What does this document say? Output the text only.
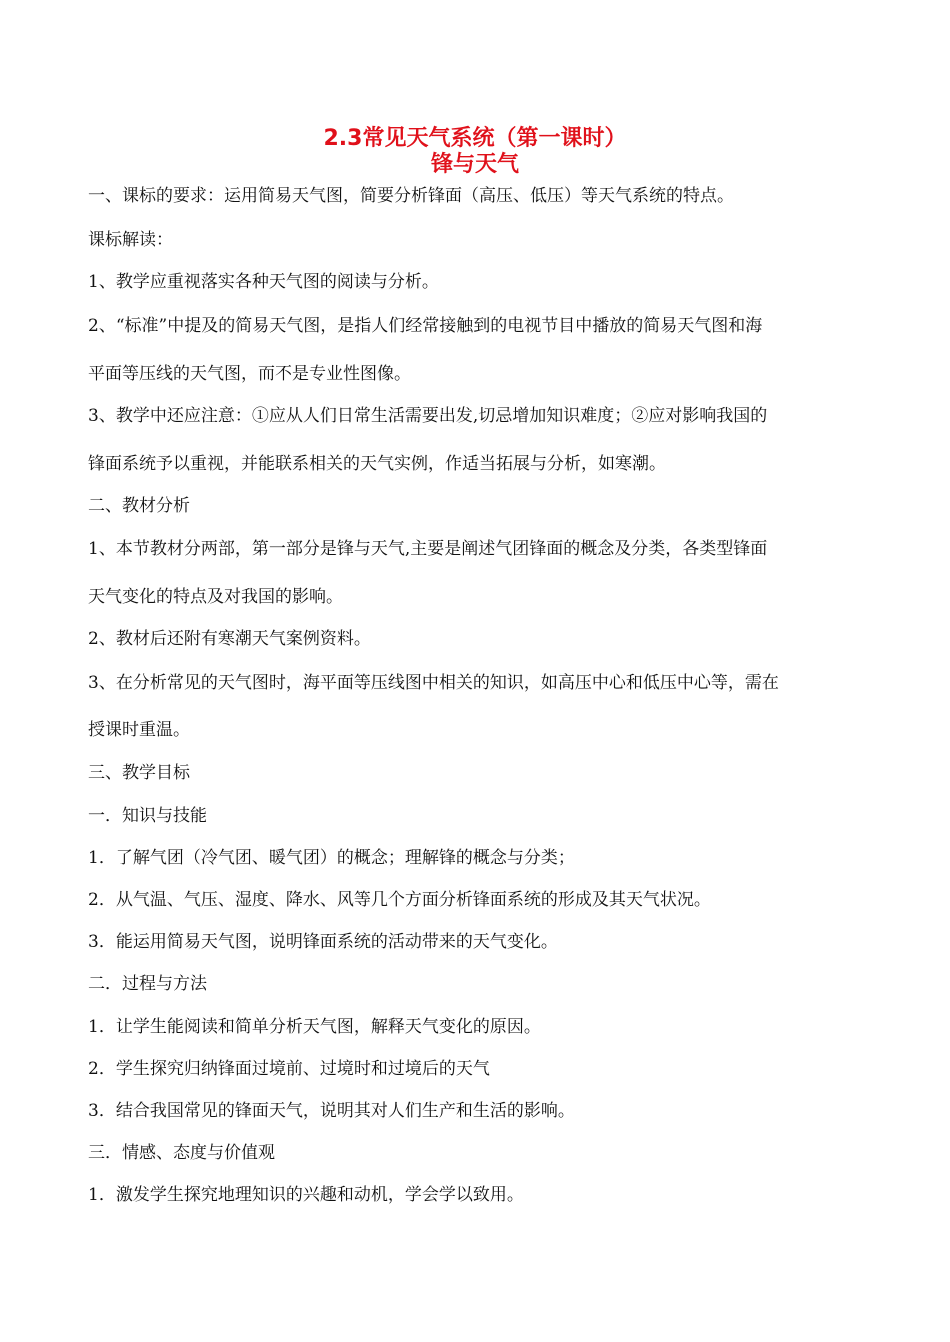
2.3常见天气系统（第一课时）
锋与天气

一、课标的要求：运用简易天气图，简要分析锋面（高压、低压）等天气系统的特点。

课标解读：

1、教学应重视落实各种天气图的阅读与分析。

2、“标准”中提及的简易天气图，是指人们经常接触到的电视节目中播放的简易天气图和海

平面等压线的天气图，而不是专业性图像。

3、教学中还应注意：①应从人们日常生活需要出发,切忌增加知识难度；②应对影响我国的

锋面系统予以重视，并能联系相关的天气实例，作适当拓展与分析，如寒潮。

二、教材分析

1、本节教材分两部，第一部分是锋与天气,主要是阐述气团锋面的概念及分类，各类型锋面

天气变化的特点及对我国的影响。

2、教材后还附有寒潮天气案例资料。

3、在分析常见的天气图时，海平面等压线图中相关的知识，如高压中心和低压中心等，需在

授课时重温。

三、教学目标

一．知识与技能

1．了解气团（冷气团、暖气团）的概念；理解锋的概念与分类；

2．从气温、气压、湿度、降水、风等几个方面分析锋面系统的形成及其天气状况。

3．能运用简易天气图，说明锋面系统的活动带来的天气变化。

二．过程与方法

1．让学生能阅读和简单分析天气图，解释天气变化的原因。

2．学生探究归纳锋面过境前、过境时和过境后的天气

3．结合我国常见的锋面天气，说明其对人们生产和生活的影响。

三．情感、态度与价值观

1．激发学生探究地理知识的兴趣和动机，学会学以致用。
